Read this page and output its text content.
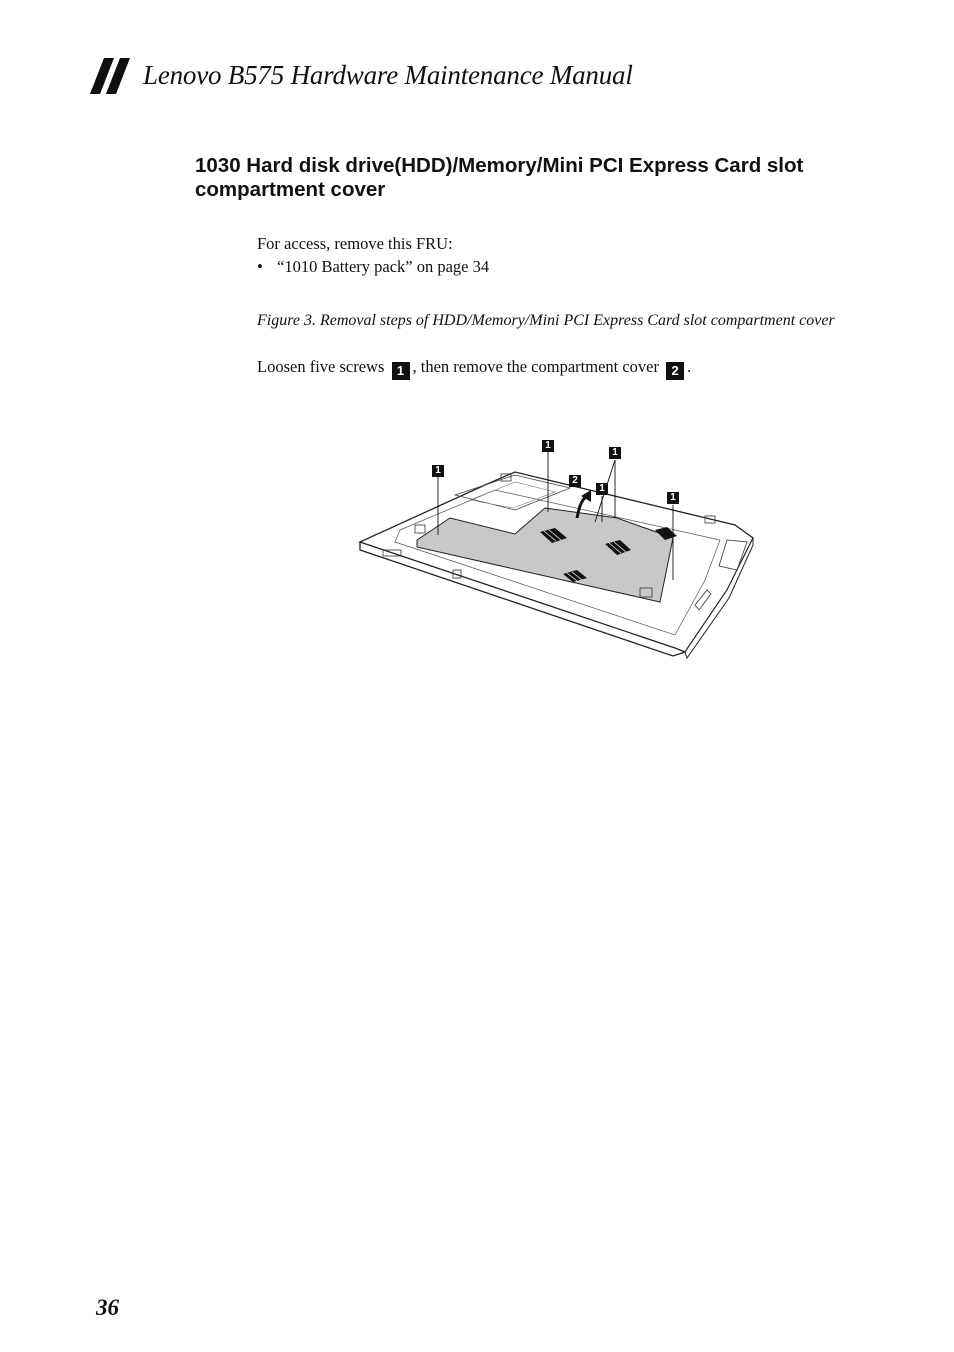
Lenovo B575 Hardware Maintenance Manual
1030 Hard disk drive(HDD)/Memory/Mini PCI Express Card slot compartment cover
For access, remove this FRU:
• “1010 Battery pack” on page 34
Figure 3. Removal steps of HDD/Memory/Mini PCI Express Card slot compartment cover
Loosen five screws 1 , then remove the compartment cover 2 .
1
1
1
1
1
2
36
